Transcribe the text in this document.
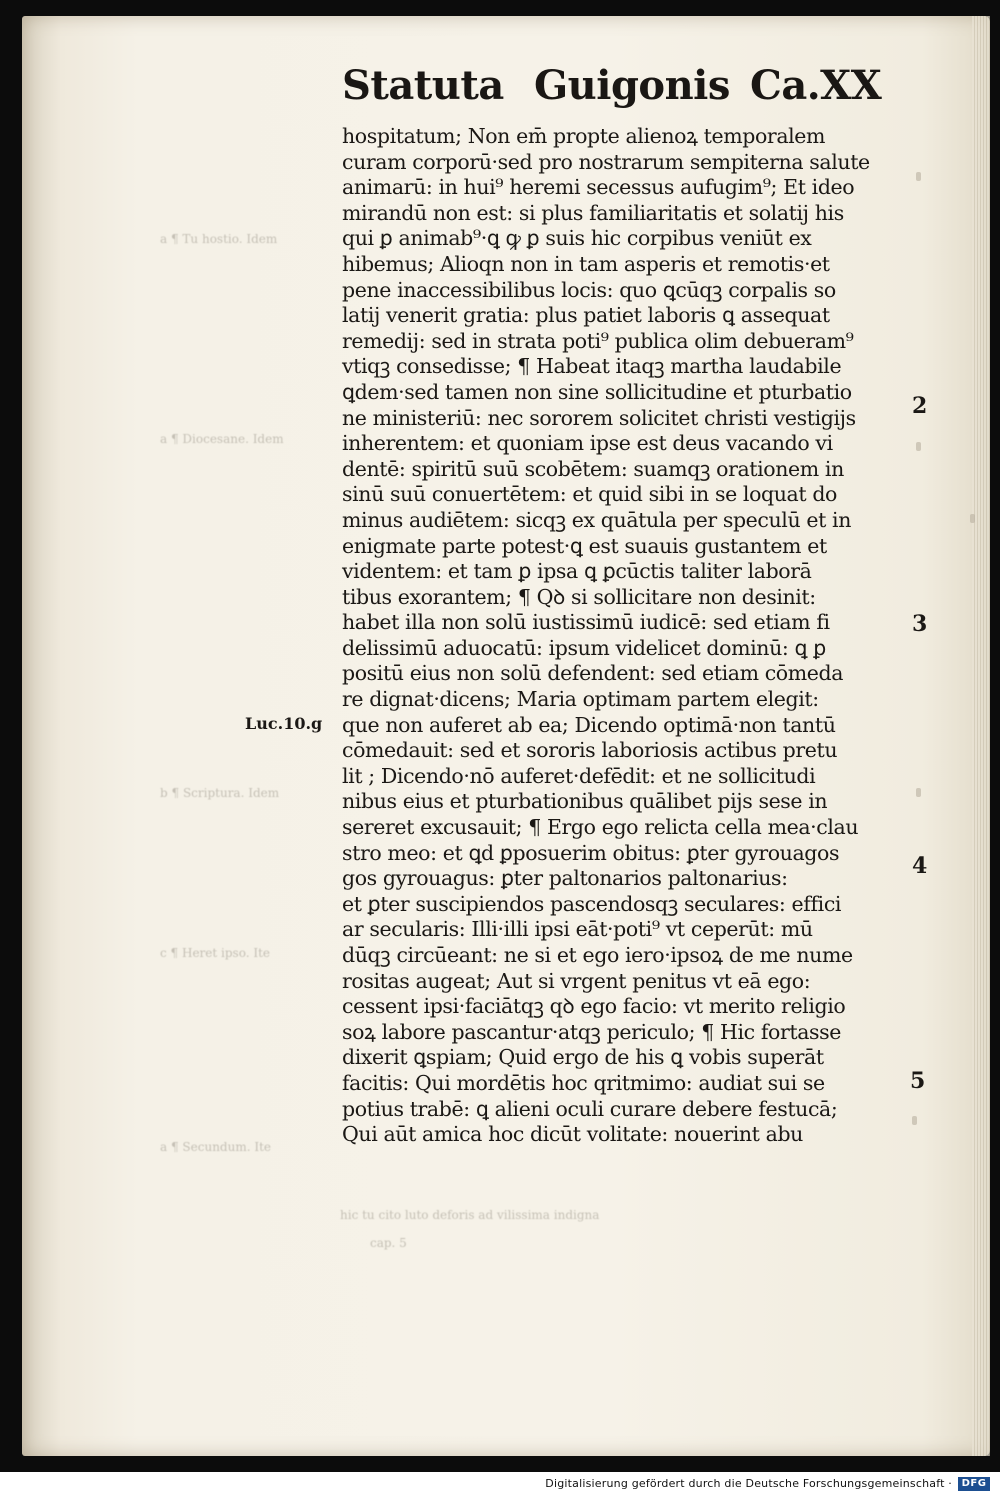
Statuta Guigonis Ca.XX
hospitatum; Non em̄ propte alienoꝝ temporalem
curam corporū·sed pro nostrarum sempiterna salute
animarū: in hui⁹ heremi secessus aufugim⁹; Et ideo
mirandū non est: si plus familiaritatis et solatij his
qui ꝑ animab⁹·ꝗ ꝙ ꝑ suis hic corpibus veniūt ex
hibemus; Alioqn non in tam asperis et remotis·et
pene inaccessibilibus locis: quo ꝗcūqꝫ corpalis so
latij venerit gratia: plus patiet laboris ꝗ assequat
remedij: sed in strata poti⁹ publica olim debueram⁹
vtiqꝫ consedisse; ¶ Habeat itaqꝫ martha laudabile
ꝗdem·sed tamen non sine sollicitudine et pturbatio
ne ministeriū: nec sororem solicitet christi vestigijs
inherentem: et quoniam ipse est deus vacando vi
dentē: spiritū suū scobētem: suamqꝫ orationem in
sinū suū conuertētem: et quid sibi in se loquat do
minus audiētem: sicqꝫ ex quātula per speculū et in
enigmate parte potest·ꝗ est suauis gustantem et
videntem: et tam ꝑ ipsa ꝗ ꝑcūctis taliter laborā
tibus exorantem; ¶ Qꝺ si sollicitare non desinit:
habet illa non solū iustissimū iudicē: sed etiam fi
delissimū aduocatū: ipsum videlicet dominū: ꝗ ꝑ
positū eius non solū defendent: sed etiam cōmeda
re dignat·dicens; Maria optimam partem elegit:
que non auferet ab ea; Dicendo optimā·non tantū
cōmedauit: sed et sororis laboriosis actibus pretu
lit ; Dicendo·nō auferet·defēdit: et ne sollicitudi
nibus eius et pturbationibus quālibet pijs sese in
sereret excusauit; ¶ Ergo ego relicta cella mea·clau
stro meo: et ꝗd ꝑposuerim obitus: ꝑter gyrouagos
gos gyrouagus: ꝑter paltonarios paltonarius:
et ꝑter suscipiendos pascendosqꝫ seculares: effici
ar secularis: Illi·illi ipsi eāt·poti⁹ vt ceperūt: mū
dūqꝫ circūeant: ne si et ego iero·ipsoꝝ de me nume
rositas augeat; Aut si vrgent penitus vt eā ego:
cessent ipsi·faciātqꝫ qꝺ ego facio: vt merito religio
soꝝ labore pascantur·atqꝫ periculo; ¶ Hic fortasse
dixerit ꝗspiam; Quid ergo de his ꝗ vobis superāt
facitis: Qui mordētis hoc qritmimo: audiat sui se
potius trabē: ꝗ alieni oculi curare debere festucā;
Qui aūt amica hoc dicūt volitate: nouerint abu
2
3
4
5
Luc.10.g
a ¶ Tu hostio. Idem
a ¶ Diocesane. Idem
b ¶ Scriptura. Idem
c ¶ Heret ipso. Ite
a ¶ Secundum. Ite
hic tu cito luto deforis ad vilissima indigna
cap. 5
Digitalisierung gefördert durch die Deutsche Forschungsgemeinschaft · DFG
